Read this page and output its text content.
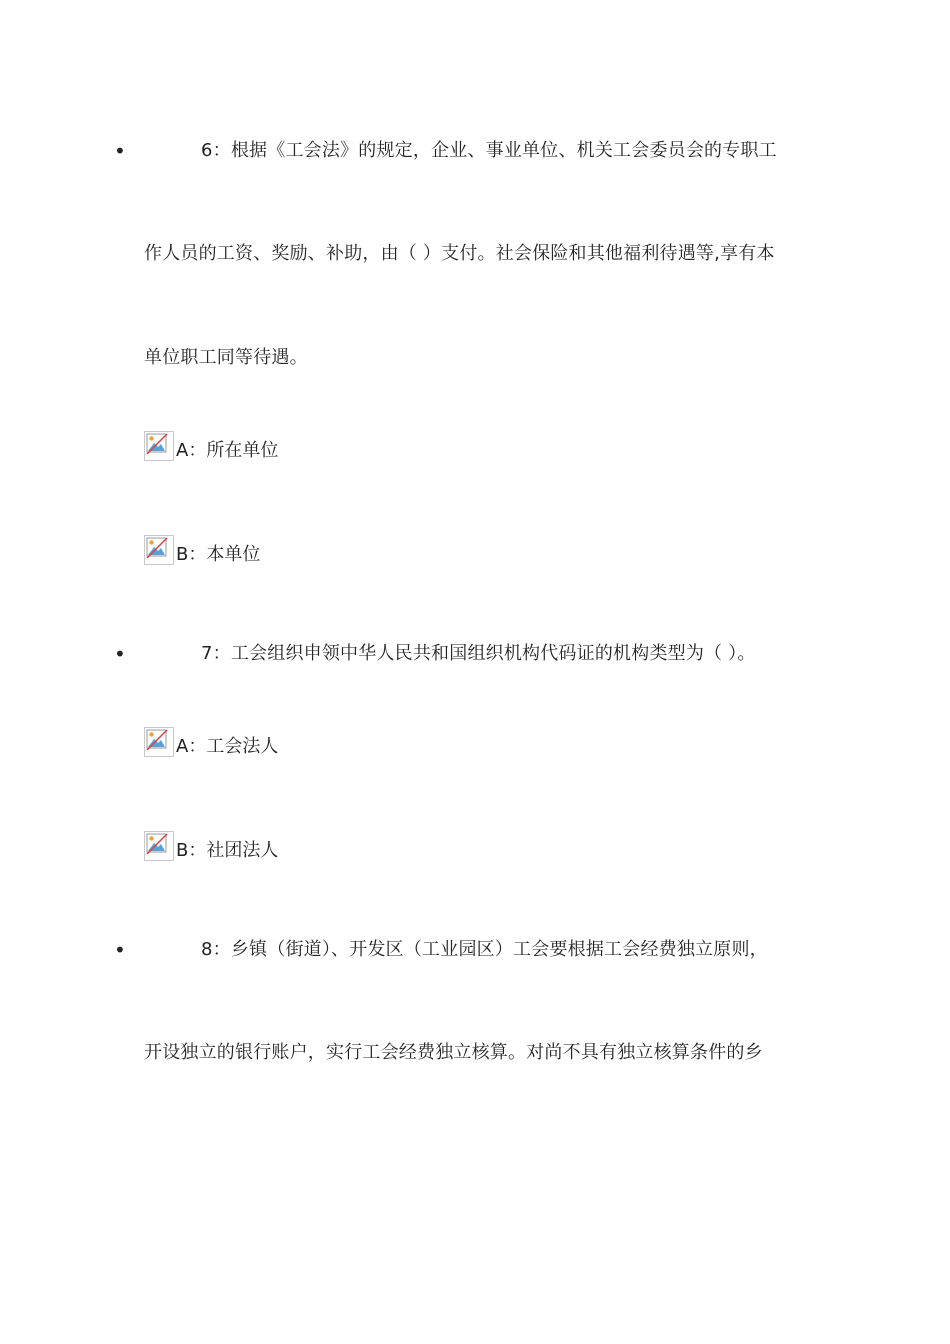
•	6：根据《工会法》的规定，企业、事业单位、机关工会委员会的专职工
作人员的工资、奖励、补助，由（ ）支付。社会保险和其他福利待遇等,享有本
单位职工同等待遇。
A：所在单位
B：本单位
•	7：工会组织申领中华人民共和国组织机构代码证的机构类型为（ ）。
A：工会法人
B：社团法人
•	8：乡镇（街道）、开发区（工业园区）工会要根据工会经费独立原则，
开设独立的银行账户，实行工会经费独立核算。对尚不具有独立核算条件的乡
